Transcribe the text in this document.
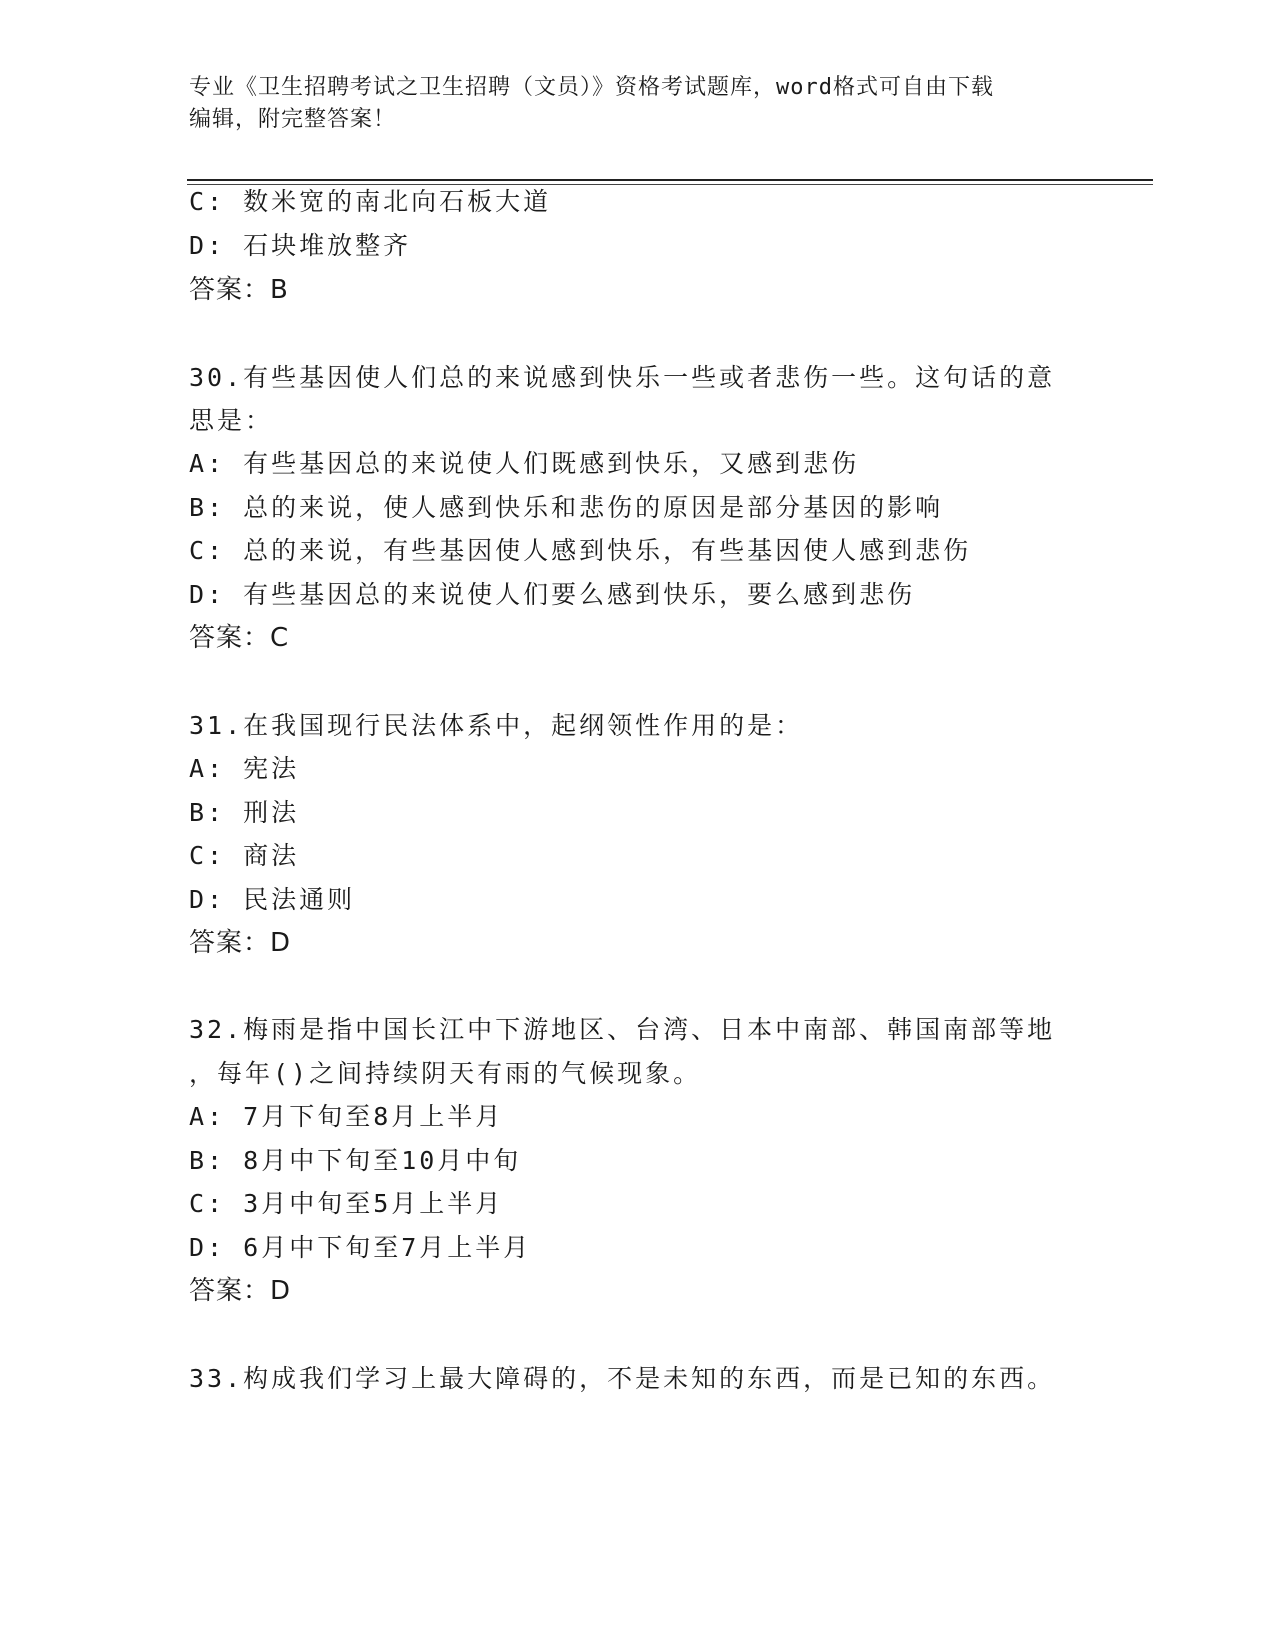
专业《卫生招聘考试之卫生招聘（文员）》资格考试题库，word格式可自由下载
编辑，附完整答案！
C: 数米宽的南北向石板大道
D: 石块堆放整齐
答案：B
30.有些基因使人们总的来说感到快乐一些或者悲伤一些。这句话的意
思是：
A: 有些基因总的来说使人们既感到快乐，又感到悲伤
B: 总的来说，使人感到快乐和悲伤的原因是部分基因的影响
C: 总的来说，有些基因使人感到快乐，有些基因使人感到悲伤
D: 有些基因总的来说使人们要么感到快乐，要么感到悲伤
答案：C
31.在我国现行民法体系中，起纲领性作用的是：
A: 宪法
B: 刑法
C: 商法
D: 民法通则
答案：D
32.梅雨是指中国长江中下游地区、台湾、日本中南部、韩国南部等地
，每年()之间持续阴天有雨的气候现象。
A: 7月下旬至8月上半月
B: 8月中下旬至10月中旬
C: 3月中旬至5月上半月
D: 6月中下旬至7月上半月
答案：D
33.构成我们学习上最大障碍的，不是未知的东西，而是已知的东西。
